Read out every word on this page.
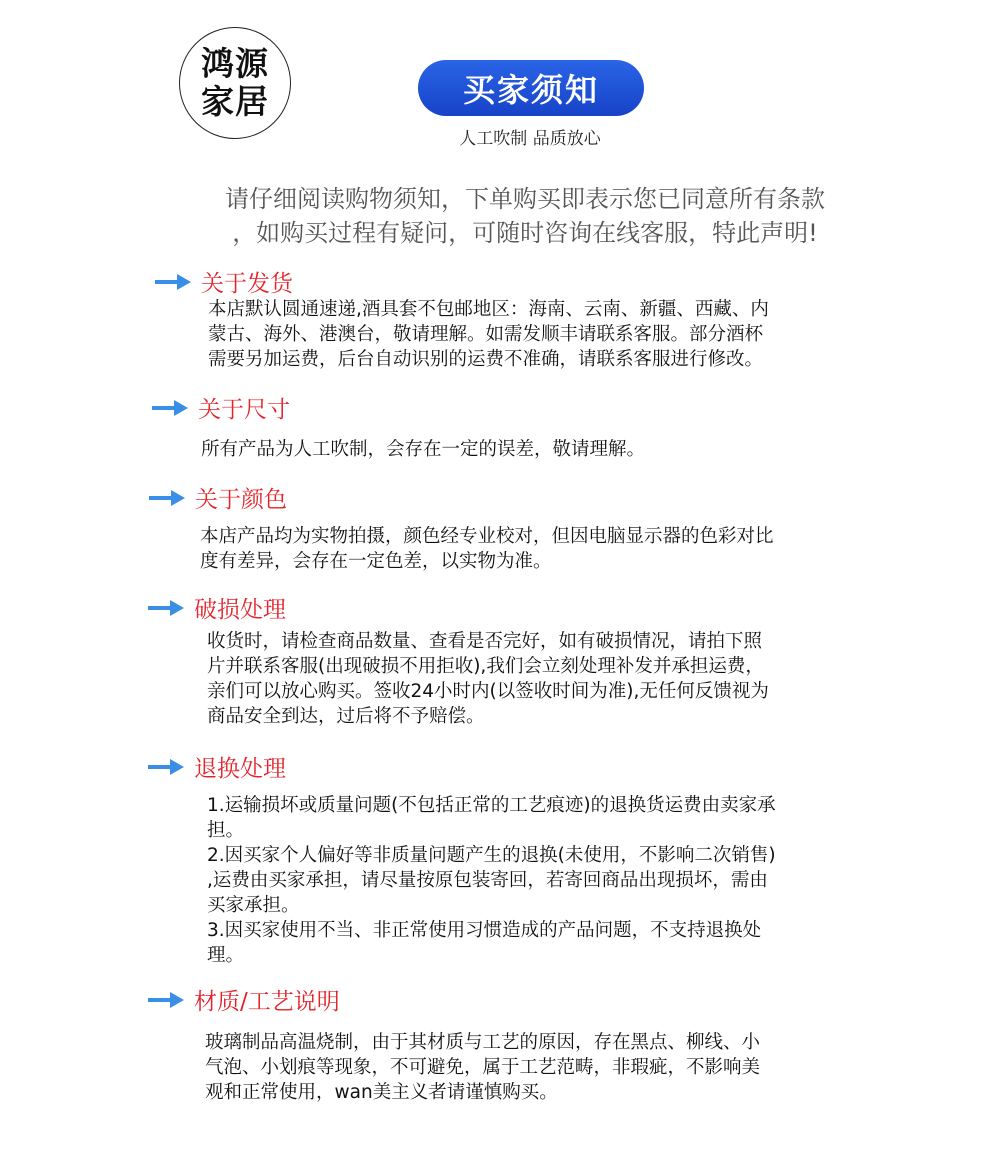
鸿源
家居	买家须知
人工吹制 品质放心
请仔细阅读购物须知，下单购买即表示您已同意所有条款
，如购买过程有疑问，可随时咨询在线客服，特此声明!
关于发货

本店默认圆通速递,酒具套不包邮地区：海南、云南、新疆、西藏、内

蒙古、海外、港澳台，敬请理解。如需发顺丰请联系客服。部分酒杯

需要另加运费，后台自动识别的运费不准确，请联系客服进行修改。

关于尺寸

所有产品为人工吹制，会存在一定的误差，敬请理解。

关于颜色

本店产品均为实物拍摄，颜色经专业校对，但因电脑显示器的色彩对比

度有差异，会存在一定色差，以实物为准。

破损处理

收货时，请检查商品数量、查看是否完好，如有破损情况，请拍下照

片并联系客服(出现破损不用拒收),我们会立刻处理补发并承担运费，

亲们可以放心购买。签收24小时内(以签收时间为准),无任何反馈视为

商品安全到达，过后将不予赔偿。

退换处理

1.运输损坏或质量问题(不包括正常的工艺痕迹)的退换货运费由卖家承

担。

2.因买家个人偏好等非质量问题产生的退换(未使用，不影响二次销售)

,运费由买家承担，请尽量按原包装寄回，若寄回商品出现损坏，需由

买家承担。

3.因买家使用不当、非正常使用习惯造成的产品问题，不支持退换处

理。

材质/工艺说明

玻璃制品高温烧制，由于其材质与工艺的原因，存在黑点、柳线、小

气泡、小划痕等现象，不可避免，属于工艺范畴，非瑕疵，不影响美

观和正常使用，wan美主义者请谨慎购买。
